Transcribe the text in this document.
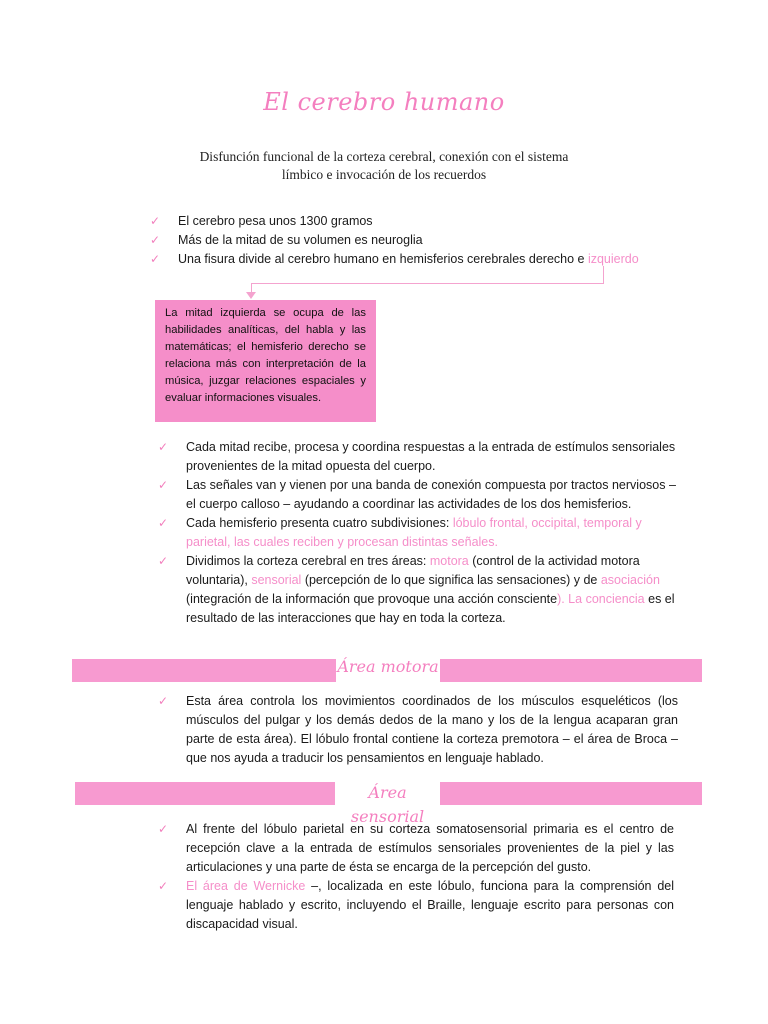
El cerebro humano
Disfunción funcional de la corteza cerebral, conexión con el sistema
límbico e invocación de los recuerdos
✓ El cerebro pesa unos 1300 gramos
✓ Más de la mitad de su volumen es neuroglia
✓ Una fisura divide al cerebro humano en hemisferios cerebrales derecho e izquierdo
La mitad izquierda se ocupa de las habilidades analíticas, del habla y las matemáticas; el hemisferio derecho se relaciona más con interpretación de la música, juzgar relaciones espaciales y evaluar informaciones visuales.
✓ Cada mitad recibe, procesa y coordina respuestas a la entrada de estímulos sensoriales provenientes de la mitad opuesta del cuerpo.
✓ Las señales van y vienen por una banda de conexión compuesta por tractos nerviosos – el cuerpo calloso – ayudando a coordinar las actividades de los dos hemisferios.
✓ Cada hemisferio presenta cuatro subdivisiones: lóbulo frontal, occipital, temporal y parietal, las cuales reciben y procesan distintas señales.
✓ Dividimos la corteza cerebral en tres áreas: motora (control de la actividad motora voluntaria), sensorial (percepción de lo que significa las sensaciones) y de asociación (integración de la información que provoque una acción consciente). La conciencia es el resultado de las interacciones que hay en toda la corteza.
Área motora
✓ Esta área controla los movimientos coordinados de los músculos esqueléticos (los músculos del pulgar y los demás dedos de la mano y los de la lengua acaparan gran parte de esta área). El lóbulo frontal contiene la corteza premotora – el área de Broca – que nos ayuda a traducir los pensamientos en lenguaje hablado.
Área sensorial
✓ Al frente del lóbulo parietal en su corteza somatosensorial primaria es el centro de recepción clave a la entrada de estímulos sensoriales provenientes de la piel y las articulaciones y una parte de ésta se encarga de la percepción del gusto.
✓ El área de Wernicke –, localizada en este lóbulo, funciona para la comprensión del lenguaje hablado y escrito, incluyendo el Braille, lenguaje escrito para personas con discapacidad visual.
